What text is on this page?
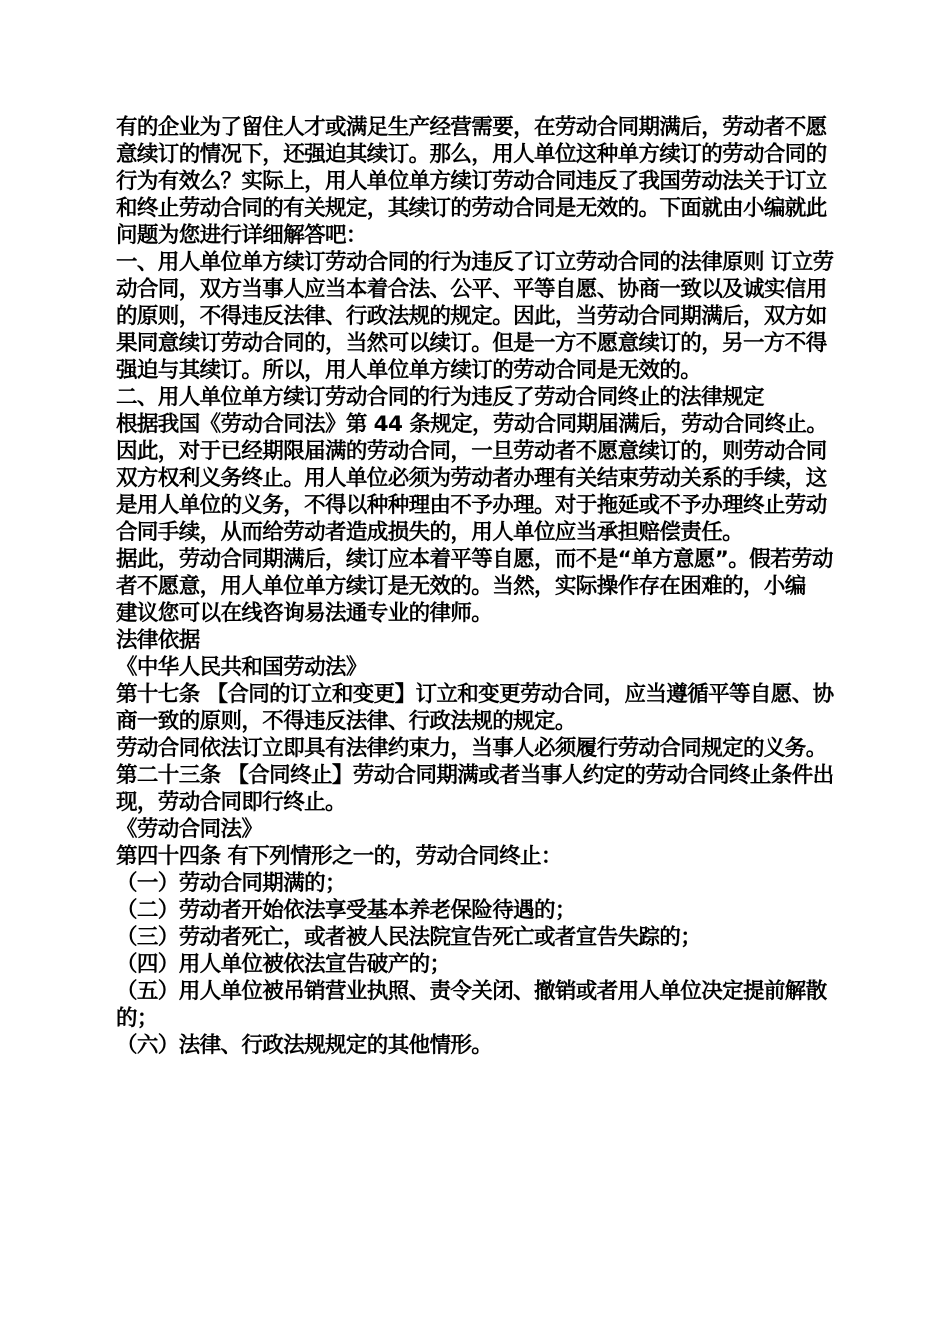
有的企业为了留住人才或满足生产经营需要，在劳动合同期满后，劳动者不愿意续订的情况下，还强迫其续订。那么，用人单位这种单方续订的劳动合同的行为有效么？实际上，用人单位单方续订劳动合同违反了我国劳动法关于订立和终止劳动合同的有关规定，其续订的劳动合同是无效的。下面就由小编就此问题为您进行详细解答吧：

一、用人单位单方续订劳动合同的行为违反了订立劳动合同的法律原则 订立劳动合同，双方当事人应当本着合法、公平、平等自愿、协商一致以及诚实信用的原则，不得违反法律、行政法规的规定。因此，当劳动合同期满后，双方如果同意续订劳动合同的，当然可以续订。但是一方不愿意续订的，另一方不得强迫与其续订。所以，用人单位单方续订的劳动合同是无效的。

二、用人单位单方续订劳动合同的行为违反了劳动合同终止的法律规定

根据我国《劳动合同法》第 44 条规定，劳动合同期届满后，劳动合同终止。 因此，对于已经期限届满的劳动合同，一旦劳动者不愿意续订的，则劳动合同双方权利义务终止。用人单位必须为劳动者办理有关结束劳动关系的手续，这是用人单位的义务，不得以种种理由不予办理。对于拖延或不予办理终止劳动合同手续，从而给劳动者造成损失的，用人单位应当承担赔偿责任。

据此，劳动合同期满后，续订应本着平等自愿，而不是“单方意愿”。假若劳动者不愿意，用人单位单方续订是无效的。当然，实际操作存在困难的，小编

建议您可以在线咨询易法通专业的律师。

法律依据

《中华人民共和国劳动法》

第十七条 【合同的订立和变更】订立和变更劳动合同，应当遵循平等自愿、协商一致的原则，不得违反法律、行政法规的规定。

劳动合同依法订立即具有法律约束力，当事人必须履行劳动合同规定的义务。

第二十三条 【合同终止】劳动合同期满或者当事人约定的劳动合同终止条件出现，劳动合同即行终止。

《劳动合同法》

第四十四条 有下列情形之一的，劳动合同终止：

（一）劳动合同期满的；

（二）劳动者开始依法享受基本养老保险待遇的；

（三）劳动者死亡，或者被人民法院宣告死亡或者宣告失踪的；

（四）用人单位被依法宣告破产的；

（五）用人单位被吊销营业执照、责令关闭、撤销或者用人单位决定提前解散的；

（六）法律、行政法规规定的其他情形。
